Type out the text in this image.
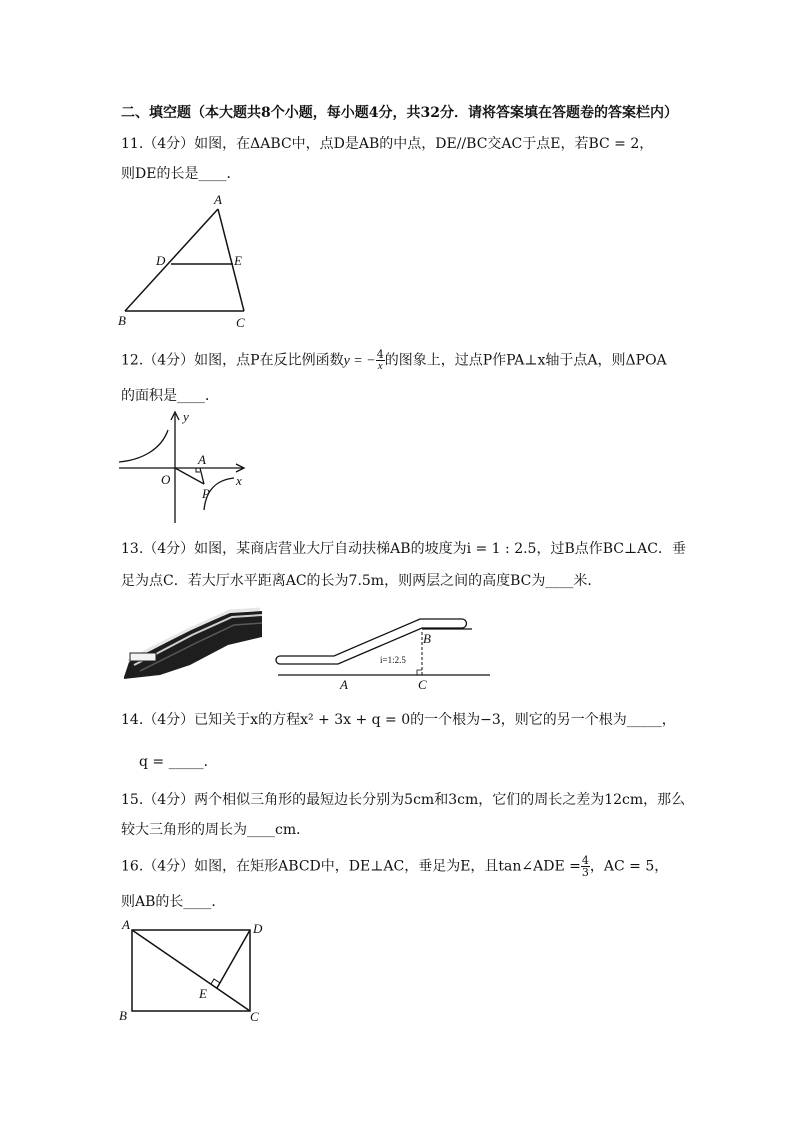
二、填空题（本大题共8个小题，每小题4分，共32分．请将答案填在答题卷的答案栏内）
11.（4分）如图，在ΔABC中，点D是AB的中点，DE//BC交AC于点E，若BC = 2，
则DE的长是____．
A
D	E
B	C
12.（4分）如图，点P在反比例函数y = − $\frac{4}{x}$ 的图象上，过点P作PA⊥x轴于点A，则ΔPOA
的面积是____．
y
A
O	x
P
13.（4分）如图，某商店营业大厅自动扶梯AB的坡度为i = 1 : 2.5，过B点作BC⊥AC．垂
足为点C．若大厅水平距离AC的长为7.5m，则两层之间的高度BC为____米．
B
i=1:2.5
A	C
14.（4分）已知关于x的方程x² + 3x + q = 0的一个根为−3，则它的另一个根为_____，
q = _____．
15.（4分）两个相似三角形的最短边长分别为5cm和3cm，它们的周长之差为12cm，那么
较大三角形的周长为____cm．
16.（4分）如图，在矩形ABCD中，DE⊥AC，垂足为E，且tan∠ADE = $\frac{4}{3}$ ，AC = 5，
则AB的长____．
A	D
E
B	C
